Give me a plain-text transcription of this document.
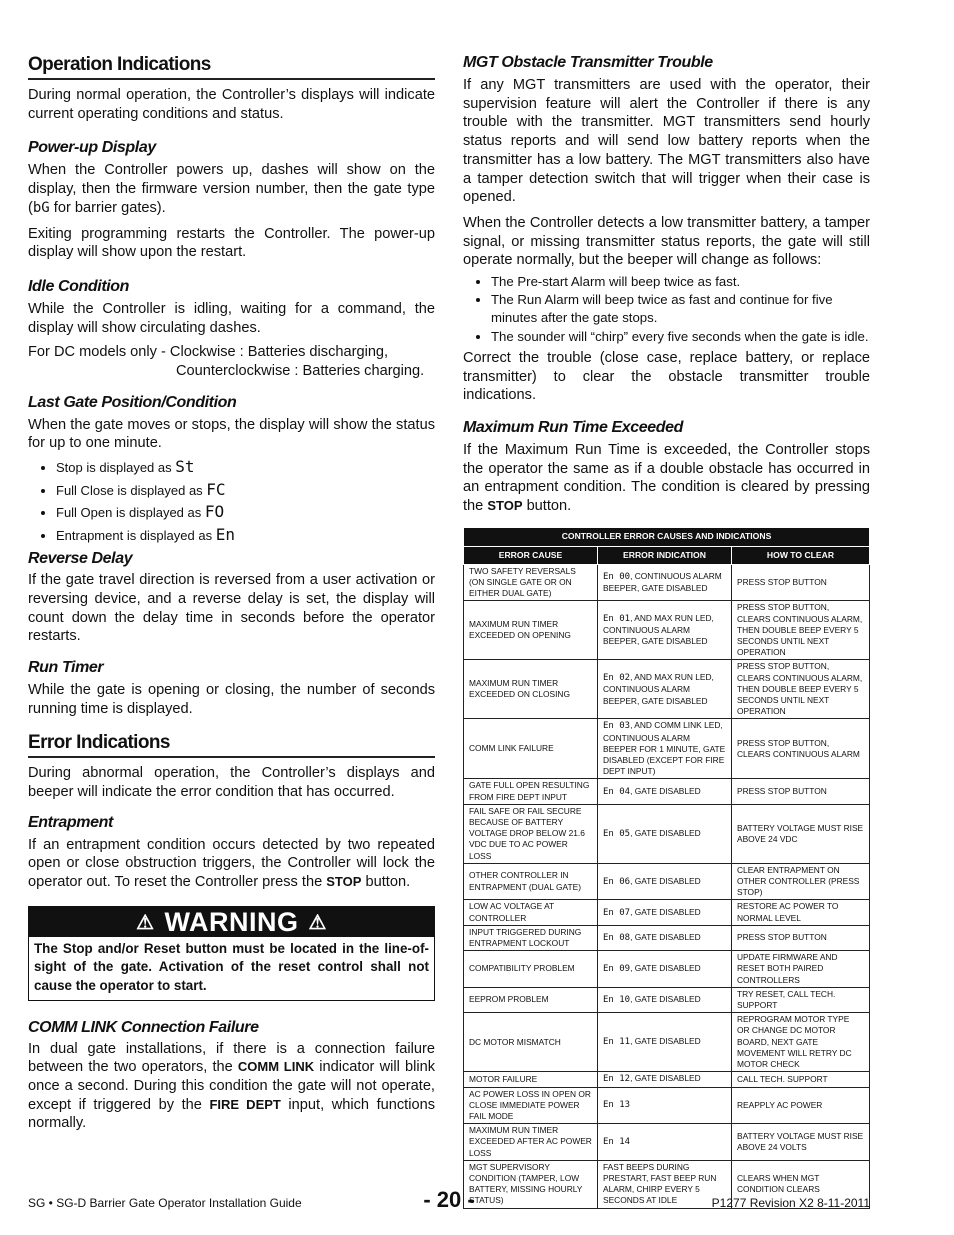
Operation Indications

During normal operation, the Controller’s displays will indicate current operating conditions and status.

Power-up Display

When the Controller powers up, dashes will show on the display, then the firmware version number, then the gate type (bG for barrier gates).

Exiting programming restarts the Controller. The power-up display will show upon the restart.

Idle Condition

While the Controller is idling, waiting for a command, the display will show circulating dashes.

For DC models only - Clockwise : Batteries discharging,
Counterclockwise : Batteries charging.

Last Gate Position/Condition

When the gate moves or stops, the display will show the status for up to one minute.

• Stop is displayed as St
• Full Close is displayed as FC
• Full Open is displayed as FO
• Entrapment is displayed as En
Reverse Delay

If the gate travel direction is reversed from a user activation or reversing device, and a reverse delay is set, the display will count down the delay time in seconds before the operator restarts.

Run Timer

While the gate is opening or closing, the number of seconds running time is displayed.

Error Indications

During abnormal operation, the Controller’s displays and beeper will indicate the error condition that has occurred.

Entrapment

If an entrapment condition occurs detected by two repeated open or close obstruction triggers, the Controller will lock the operator out. To reset the Controller press the STOP button.

⚠ WARNING ⚠
The Stop and/or Reset button must be located in the line-of-sight of the gate. Activation of the reset control shall not cause the operator to start.
COMM LINK Connection Failure

In dual gate installations, if there is a connection failure between the two operators, the COMM LINK indicator will blink once a second. During this condition the gate will not operate, except if triggered by the FIRE DEPT input, which functions normally.

MGT Obstacle Transmitter Trouble

If any MGT transmitters are used with the operator, their supervision feature will alert the Controller if there is any trouble with the transmitter. MGT transmitters send hourly status reports and will send low battery reports when the transmitter has a low battery. The MGT transmitters also have a tamper detection switch that will trigger when their case is opened.

When the Controller detects a low transmitter battery, a tamper signal, or missing transmitter status reports, the gate will still operate normally, but the beeper will change as follows:

• The Pre-start Alarm will beep twice as fast.
• The Run Alarm will beep twice as fast and continue for five minutes after the gate stops.
• The sounder will “chirp” every five seconds when the gate is idle.

Correct the trouble (close case, replace battery, or replace transmitter) to clear the obstacle transmitter trouble indications.

Maximum Run Time Exceeded

If the Maximum Run Time is exceeded, the Controller stops the operator the same as if a double obstacle has occurred in an entrapment condition. The condition is cleared by pressing the STOP button.

CONTROLLER ERROR CAUSES AND INDICATIONS		
ERROR CAUSE	ERROR INDICATION	HOW TO CLEAR
TWO SAFETY REVERSALS (ON SINGLE GATE OR ON EITHER DUAL GATE)	En 00, CONTINUOUS ALARM BEEPER, GATE DISABLED	PRESS STOP BUTTON
MAXIMUM RUN TIMER EXCEEDED ON OPENING	En 01, AND MAX RUN LED, CONTINUOUS ALARM BEEPER, GATE DISABLED	PRESS STOP BUTTON, CLEARS CONTINUOUS ALARM, THEN DOUBLE BEEP EVERY 5 SECONDS UNTIL NEXT OPERATION
MAXIMUM RUN TIMER EXCEEDED ON CLOSING	En 02, AND MAX RUN LED, CONTINUOUS ALARM BEEPER, GATE DISABLED	PRESS STOP BUTTON, CLEARS CONTINUOUS ALARM, THEN DOUBLE BEEP EVERY 5 SECONDS UNTIL NEXT OPERATION
COMM LINK FAILURE	En 03, AND COMM LINK LED, CONTINUOUS ALARM BEEPER FOR 1 MINUTE, GATE DISABLED (EXCEPT FOR FIRE DEPT INPUT)	PRESS STOP BUTTON, CLEARS CONTINUOUS ALARM
GATE FULL OPEN RESULTING FROM FIRE DEPT INPUT	En 04, GATE DISABLED	PRESS STOP BUTTON
FAIL SAFE OR FAIL SECURE BECAUSE OF BATTERY VOLTAGE DROP BELOW 21.6 VDC DUE TO AC POWER LOSS	En 05, GATE DISABLED	BATTERY VOLTAGE MUST RISE ABOVE 24 VDC
OTHER CONTROLLER IN ENTRAPMENT (DUAL GATE)	En 06, GATE DISABLED	CLEAR ENTRAPMENT ON OTHER CONTROLLER (PRESS STOP)
LOW AC VOLTAGE AT CONTROLLER	En 07, GATE DISABLED	RESTORE AC POWER TO NORMAL LEVEL
INPUT TRIGGERED DURING ENTRAPMENT LOCKOUT	En 08, GATE DISABLED	PRESS STOP BUTTON
COMPATIBILITY PROBLEM	En 09, GATE DISABLED	UPDATE FIRMWARE AND RESET BOTH PAIRED CONTROLLERS
EEPROM PROBLEM	En 10, GATE DISABLED	TRY RESET, CALL TECH. SUPPORT
DC MOTOR MISMATCH	En 11, GATE DISABLED	REPROGRAM MOTOR TYPE OR CHANGE DC MOTOR BOARD, NEXT GATE MOVEMENT WILL RETRY DC MOTOR CHECK
MOTOR FAILURE	En 12, GATE DISABLED	CALL TECH. SUPPORT
AC POWER LOSS IN OPEN OR CLOSE IMMEDIATE POWER FAIL MODE	En 13	REAPPLY AC POWER
MAXIMUM RUN TIMER EXCEEDED AFTER AC POWER LOSS	En 14	BATTERY VOLTAGE MUST RISE ABOVE 24 VOLTS
MGT SUPERVISORY CONDITION (TAMPER, LOW BATTERY, MISSING HOURLY STATUS)	FAST BEEPS DURING PRESTART, FAST BEEP RUN ALARM, CHIRP EVERY 5 SECONDS AT IDLE	CLEARS WHEN MGT CONDITION CLEARS
SG • SG-D Barrier Gate Operator Installation Guide	- 20 -	P1277 Revision X2 8-11-2011
